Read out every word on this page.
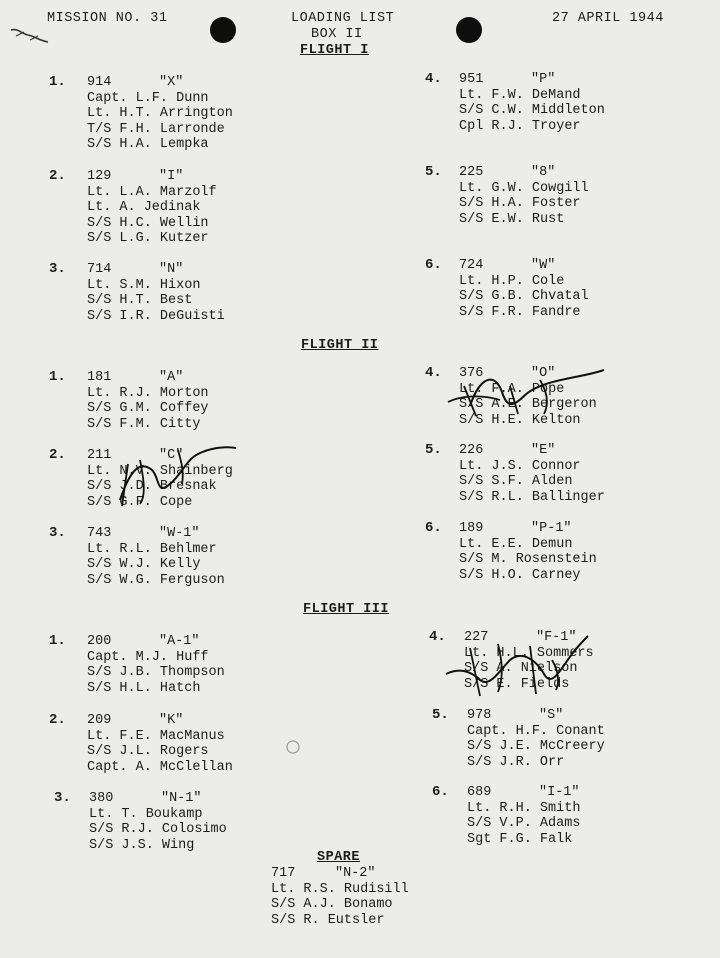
MISSION NO. 31	LOADING LIST
BOX II
27 APRIL 1944
FLIGHT I
FLIGHT II
FLIGHT III
1.	914	"X"
Capt. L.F. Dunn
Lt. H.T. Arrington
T/S F.H. Larronde
S/S H.A. Lempka
2.	129	"I"
Lt. L.A. Marzolf
Lt. A. Jedinak
S/S H.C. Wellin
S/S L.G. Kutzer
3.	714	"N"
Lt. S.M. Hixon
S/S H.T. Best
S/S I.R. DeGuisti
4.	951	"P"
Lt. F.W. DeMand
S/S C.W. Middleton
Cpl R.J. Troyer
5.	225	"8"
Lt. G.W. Cowgill
S/S H.A. Foster
S/S E.W. Rust
6.	724	"W"
Lt. H.P. Cole
S/S G.B. Chvatal
S/S F.R. Fandre
1.	181	"A"
Lt. R.J. Morton
S/S G.M. Coffey
S/S F.M. Citty
2.	211	"C"
Lt. N.V. Shainberg
S/S J.D. Bresnak
S/S G.F. Cope
3.	743	"W-1"
Lt. R.L. Behlmer
S/S W.J. Kelly
S/S W.G. Ferguson
4.	376	"O"
Lt. F.A. Pope
S/S A.E. Bergeron
S/S H.E. Kelton
5.	226	"E"
Lt. J.S. Connor
S/S S.F. Alden
S/S R.L. Ballinger
6.	189	"P-1"
Lt. E.E. Demun
S/S M. Rosenstein
S/S H.O. Carney
1.	200	"A-1"
Capt. M.J. Huff
S/S J.B. Thompson
S/S H.L. Hatch
2.	209	"K"
Lt. F.E. MacManus
S/S J.L. Rogers
Capt. A. McClellan
3.	380	"N-1"
Lt. T. Boukamp
S/S R.J. Colosimo
S/S J.S. Wing
4.	227	"F-1"
Lt. H.L. Sommers
S/S A. Nielson
S/S E. Fields
5.	978	"S"
Capt. H.F. Conant
S/S J.E. McCreery
S/S J.R. Orr
6.	689	"I-1"
Lt. R.H. Smith
S/S V.P. Adams
Sgt F.G. Falk
SPARE
717	"N-2"
Lt. R.S. Rudisill
S/S A.J. Bonamo
S/S R. Eutsler
